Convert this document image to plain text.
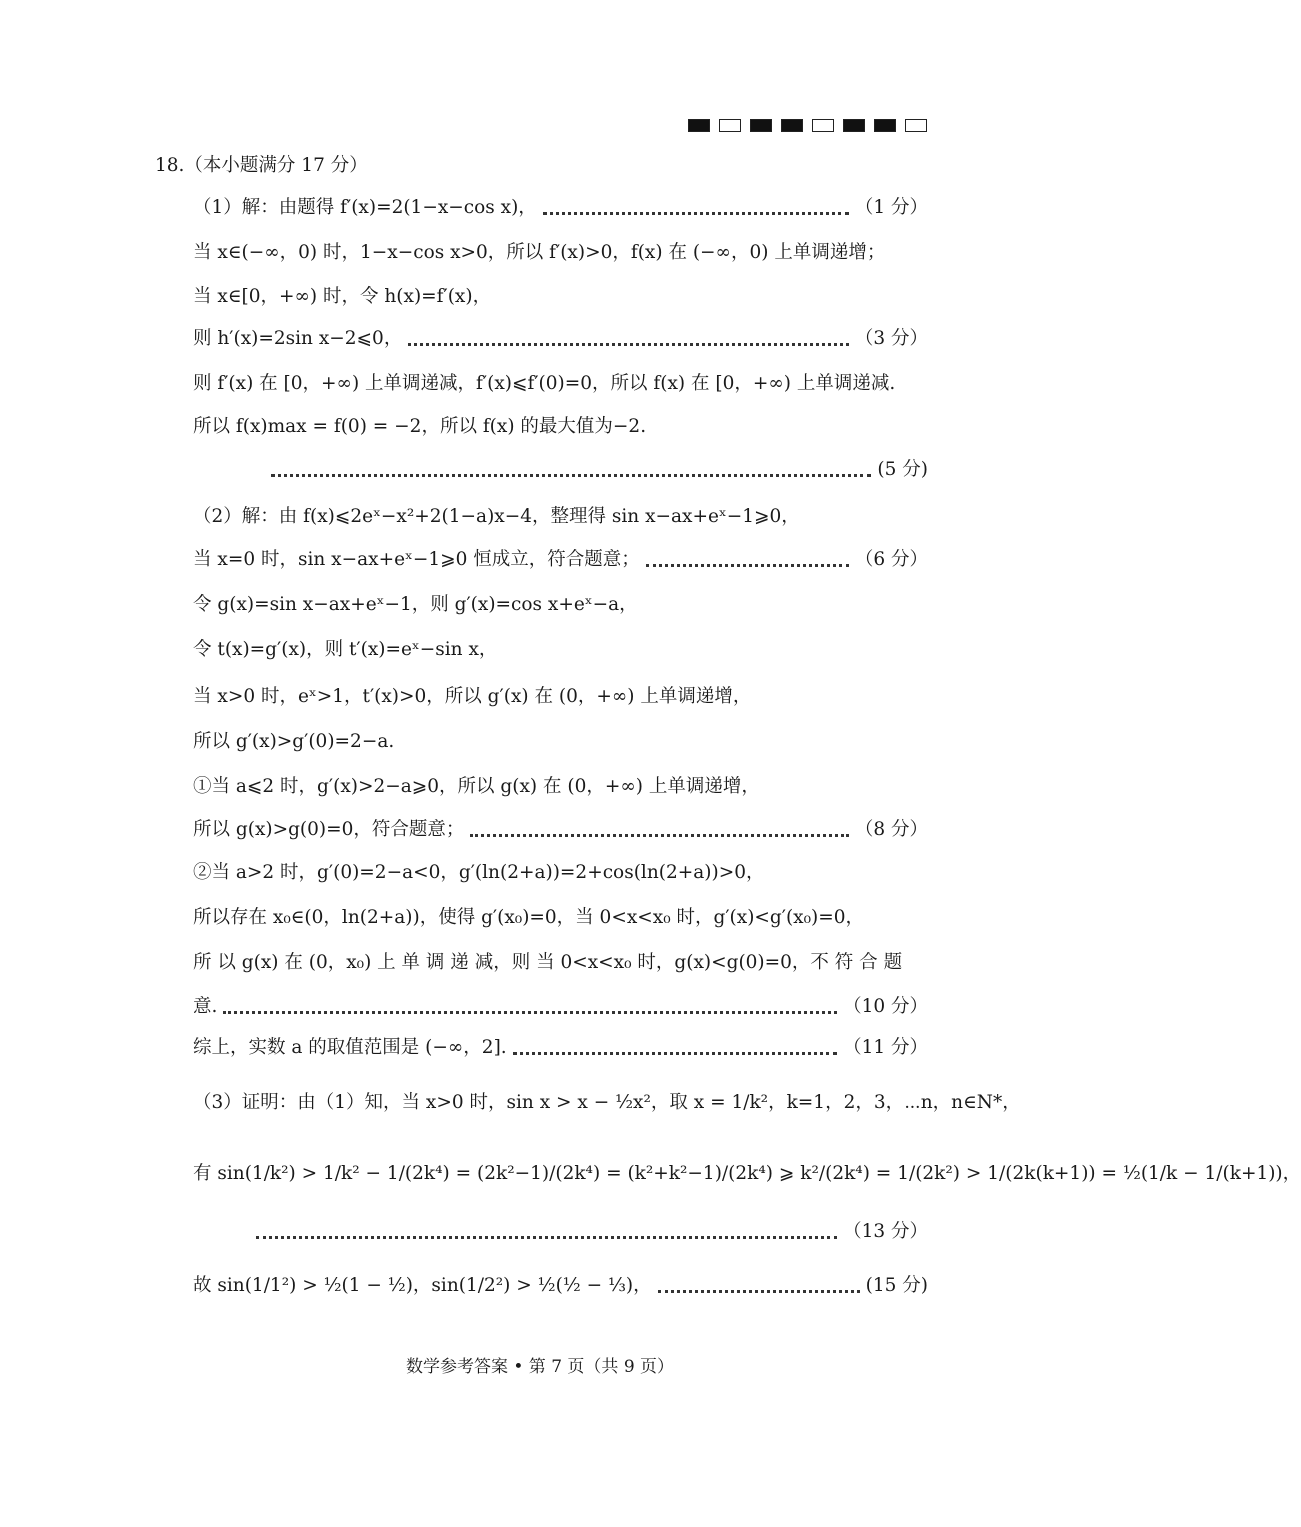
18.（本小题满分 17 分）
（1）解：由题得 f′(x)=2(1−x−cos x)，	（1 分）
当 x∈(−∞，0) 时，1−x−cos x>0，所以 f′(x)>0，f(x) 在 (−∞，0) 上单调递增；
当 x∈[0，+∞) 时，令 h(x)=f′(x)，
则 h′(x)=2sin x−2⩽0，	（3 分）
则 f′(x) 在 [0，+∞) 上单调递减，f′(x)⩽f′(0)=0，所以 f(x) 在 [0，+∞) 上单调递减.
所以 f(x)max = f(0) = −2，所以 f(x) 的最大值为−2.
(5 分)
（2）解：由 f(x)⩽2eˣ−x²+2(1−a)x−4，整理得 sin x−ax+eˣ−1⩾0，
当 x=0 时，sin x−ax+eˣ−1⩾0 恒成立，符合题意；	（6 分）
令 g(x)=sin x−ax+eˣ−1，则 g′(x)=cos x+eˣ−a，
令 t(x)=g′(x)，则 t′(x)=eˣ−sin x，
当 x>0 时，eˣ>1，t′(x)>0，所以 g′(x) 在 (0，+∞) 上单调递增，
所以 g′(x)>g′(0)=2−a.
①当 a⩽2 时，g′(x)>2−a⩾0，所以 g(x) 在 (0，+∞) 上单调递增，
所以 g(x)>g(0)=0，符合题意；	（8 分）
②当 a>2 时，g′(0)=2−a<0，g′(ln(2+a))=2+cos(ln(2+a))>0，
所以存在 x₀∈(0，ln(2+a))，使得 g′(x₀)=0，当 0<x<x₀ 时，g′(x)<g′(x₀)=0，
所 以 g(x) 在 (0，x₀) 上 单 调 递 减，则 当 0<x<x₀ 时，g(x)<g(0)=0，不 符 合 题
意.	（10 分）
综上，实数 a 的取值范围是 (−∞，2].	（11 分）
（3）证明：由（1）知，当 x>0 时，sin x > x − ½x²，取 x = 1/k²，k=1，2，3，⋯n，n∈N*，
有 sin(1/k²) > 1/k² − 1/(2k⁴) = (2k²−1)/(2k⁴) = (k²+k²−1)/(2k⁴) ⩾ k²/(2k⁴) = 1/(2k²) > 1/(2k(k+1)) = ½(1/k − 1/(k+1))，
（13 分）
故 sin(1/1²) > ½(1 − ½)，sin(1/2²) > ½(½ − ⅓)，	(15 分)
数学参考答案 • 第 7 页（共 9 页）
